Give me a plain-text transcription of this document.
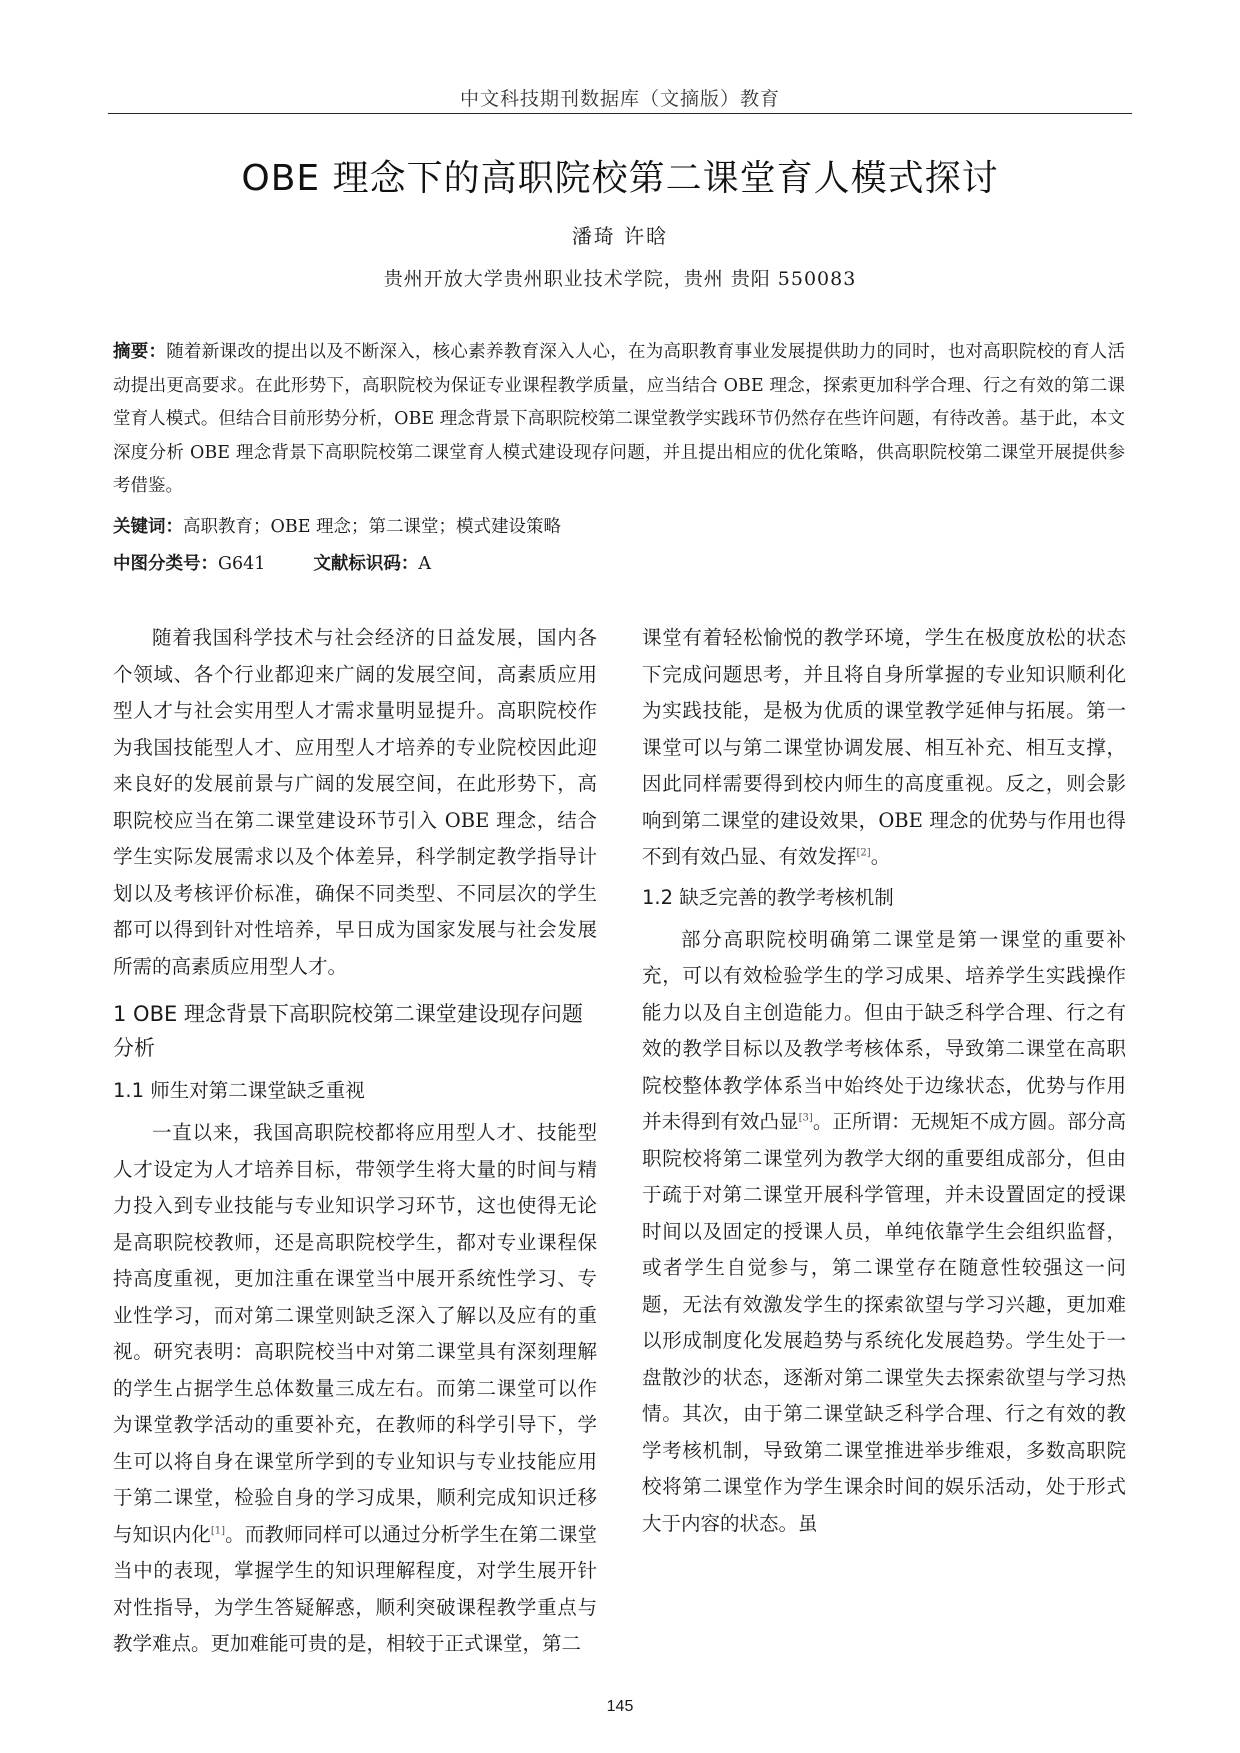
中文科技期刊数据库（文摘版）教育
OBE 理念下的高职院校第二课堂育人模式探讨
潘琦 许晗
贵州开放大学贵州职业技术学院，贵州 贵阳 550083

摘要：随着新课改的提出以及不断深入，核心素养教育深入人心，在为高职教育事业发展提供助力的同时，也对高职院校的育人活动提出更高要求。在此形势下，高职院校为保证专业课程教学质量，应当结合 OBE 理念，探索更加科学合理、行之有效的第二课堂育人模式。但结合目前形势分析，OBE 理念背景下高职院校第二课堂教学实践环节仍然存在些许问题，有待改善。基于此，本文深度分析 OBE 理念背景下高职院校第二课堂育人模式建设现存问题，并且提出相应的优化策略，供高职院校第二课堂开展提供参考借鉴。

关键词：高职教育；OBE 理念；第二课堂；模式建设策略

中图分类号：G641	文献标识码：A

随着我国科学技术与社会经济的日益发展，国内各个领域、各个行业都迎来广阔的发展空间，高素质应用型人才与社会实用型人才需求量明显提升。高职院校作为我国技能型人才、应用型人才培养的专业院校因此迎来良好的发展前景与广阔的发展空间，在此形势下，高职院校应当在第二课堂建设环节引入 OBE 理念，结合学生实际发展需求以及个体差异，科学制定教学指导计划以及考核评价标准，确保不同类型、不同层次的学生都可以得到针对性培养，早日成为国家发展与社会发展所需的高素质应用型人才。

1 OBE 理念背景下高职院校第二课堂建设现存问题分析
1.1 师生对第二课堂缺乏重视

一直以来，我国高职院校都将应用型人才、技能型人才设定为人才培养目标，带领学生将大量的时间与精力投入到专业技能与专业知识学习环节，这也使得无论是高职院校教师，还是高职院校学生，都对专业课程保持高度重视，更加注重在课堂当中展开系统性学习、专业性学习，而对第二课堂则缺乏深入了解以及应有的重视。研究表明：高职院校当中对第二课堂具有深刻理解的学生占据学生总体数量三成左右。而第二课堂可以作为课堂教学活动的重要补充，在教师的科学引导下，学生可以将自身在课堂所学到的专业知识与专业技能应用于第二课堂，检验自身的学习成果，顺利完成知识迁移与知识内化[1]。而教师同样可以通过分析学生在第二课堂当中的表现，掌握学生的知识理解程度，对学生展开针对性指导，为学生答疑解惑，顺利突破课程教学重点与教学难点。更加难能可贵的是，相较于正式课堂，第二

课堂有着轻松愉悦的教学环境，学生在极度放松的状态下完成问题思考，并且将自身所掌握的专业知识顺利化为实践技能，是极为优质的课堂教学延伸与拓展。第一课堂可以与第二课堂协调发展、相互补充、相互支撑，因此同样需要得到校内师生的高度重视。反之，则会影响到第二课堂的建设效果，OBE 理念的优势与作用也得不到有效凸显、有效发挥[2]。

1.2 缺乏完善的教学考核机制

部分高职院校明确第二课堂是第一课堂的重要补充，可以有效检验学生的学习成果、培养学生实践操作能力以及自主创造能力。但由于缺乏科学合理、行之有效的教学目标以及教学考核体系，导致第二课堂在高职院校整体教学体系当中始终处于边缘状态，优势与作用并未得到有效凸显[3]。正所谓：无规矩不成方圆。部分高职院校将第二课堂列为教学大纲的重要组成部分，但由于疏于对第二课堂开展科学管理，并未设置固定的授课时间以及固定的授课人员，单纯依靠学生会组织监督，或者学生自觉参与，第二课堂存在随意性较强这一问题，无法有效激发学生的探索欲望与学习兴趣，更加难以形成制度化发展趋势与系统化发展趋势。学生处于一盘散沙的状态，逐渐对第二课堂失去探索欲望与学习热情。其次，由于第二课堂缺乏科学合理、行之有效的教学考核机制，导致第二课堂推进举步维艰，多数高职院校将第二课堂作为学生课余时间的娱乐活动，处于形式大于内容的状态。虽

145
